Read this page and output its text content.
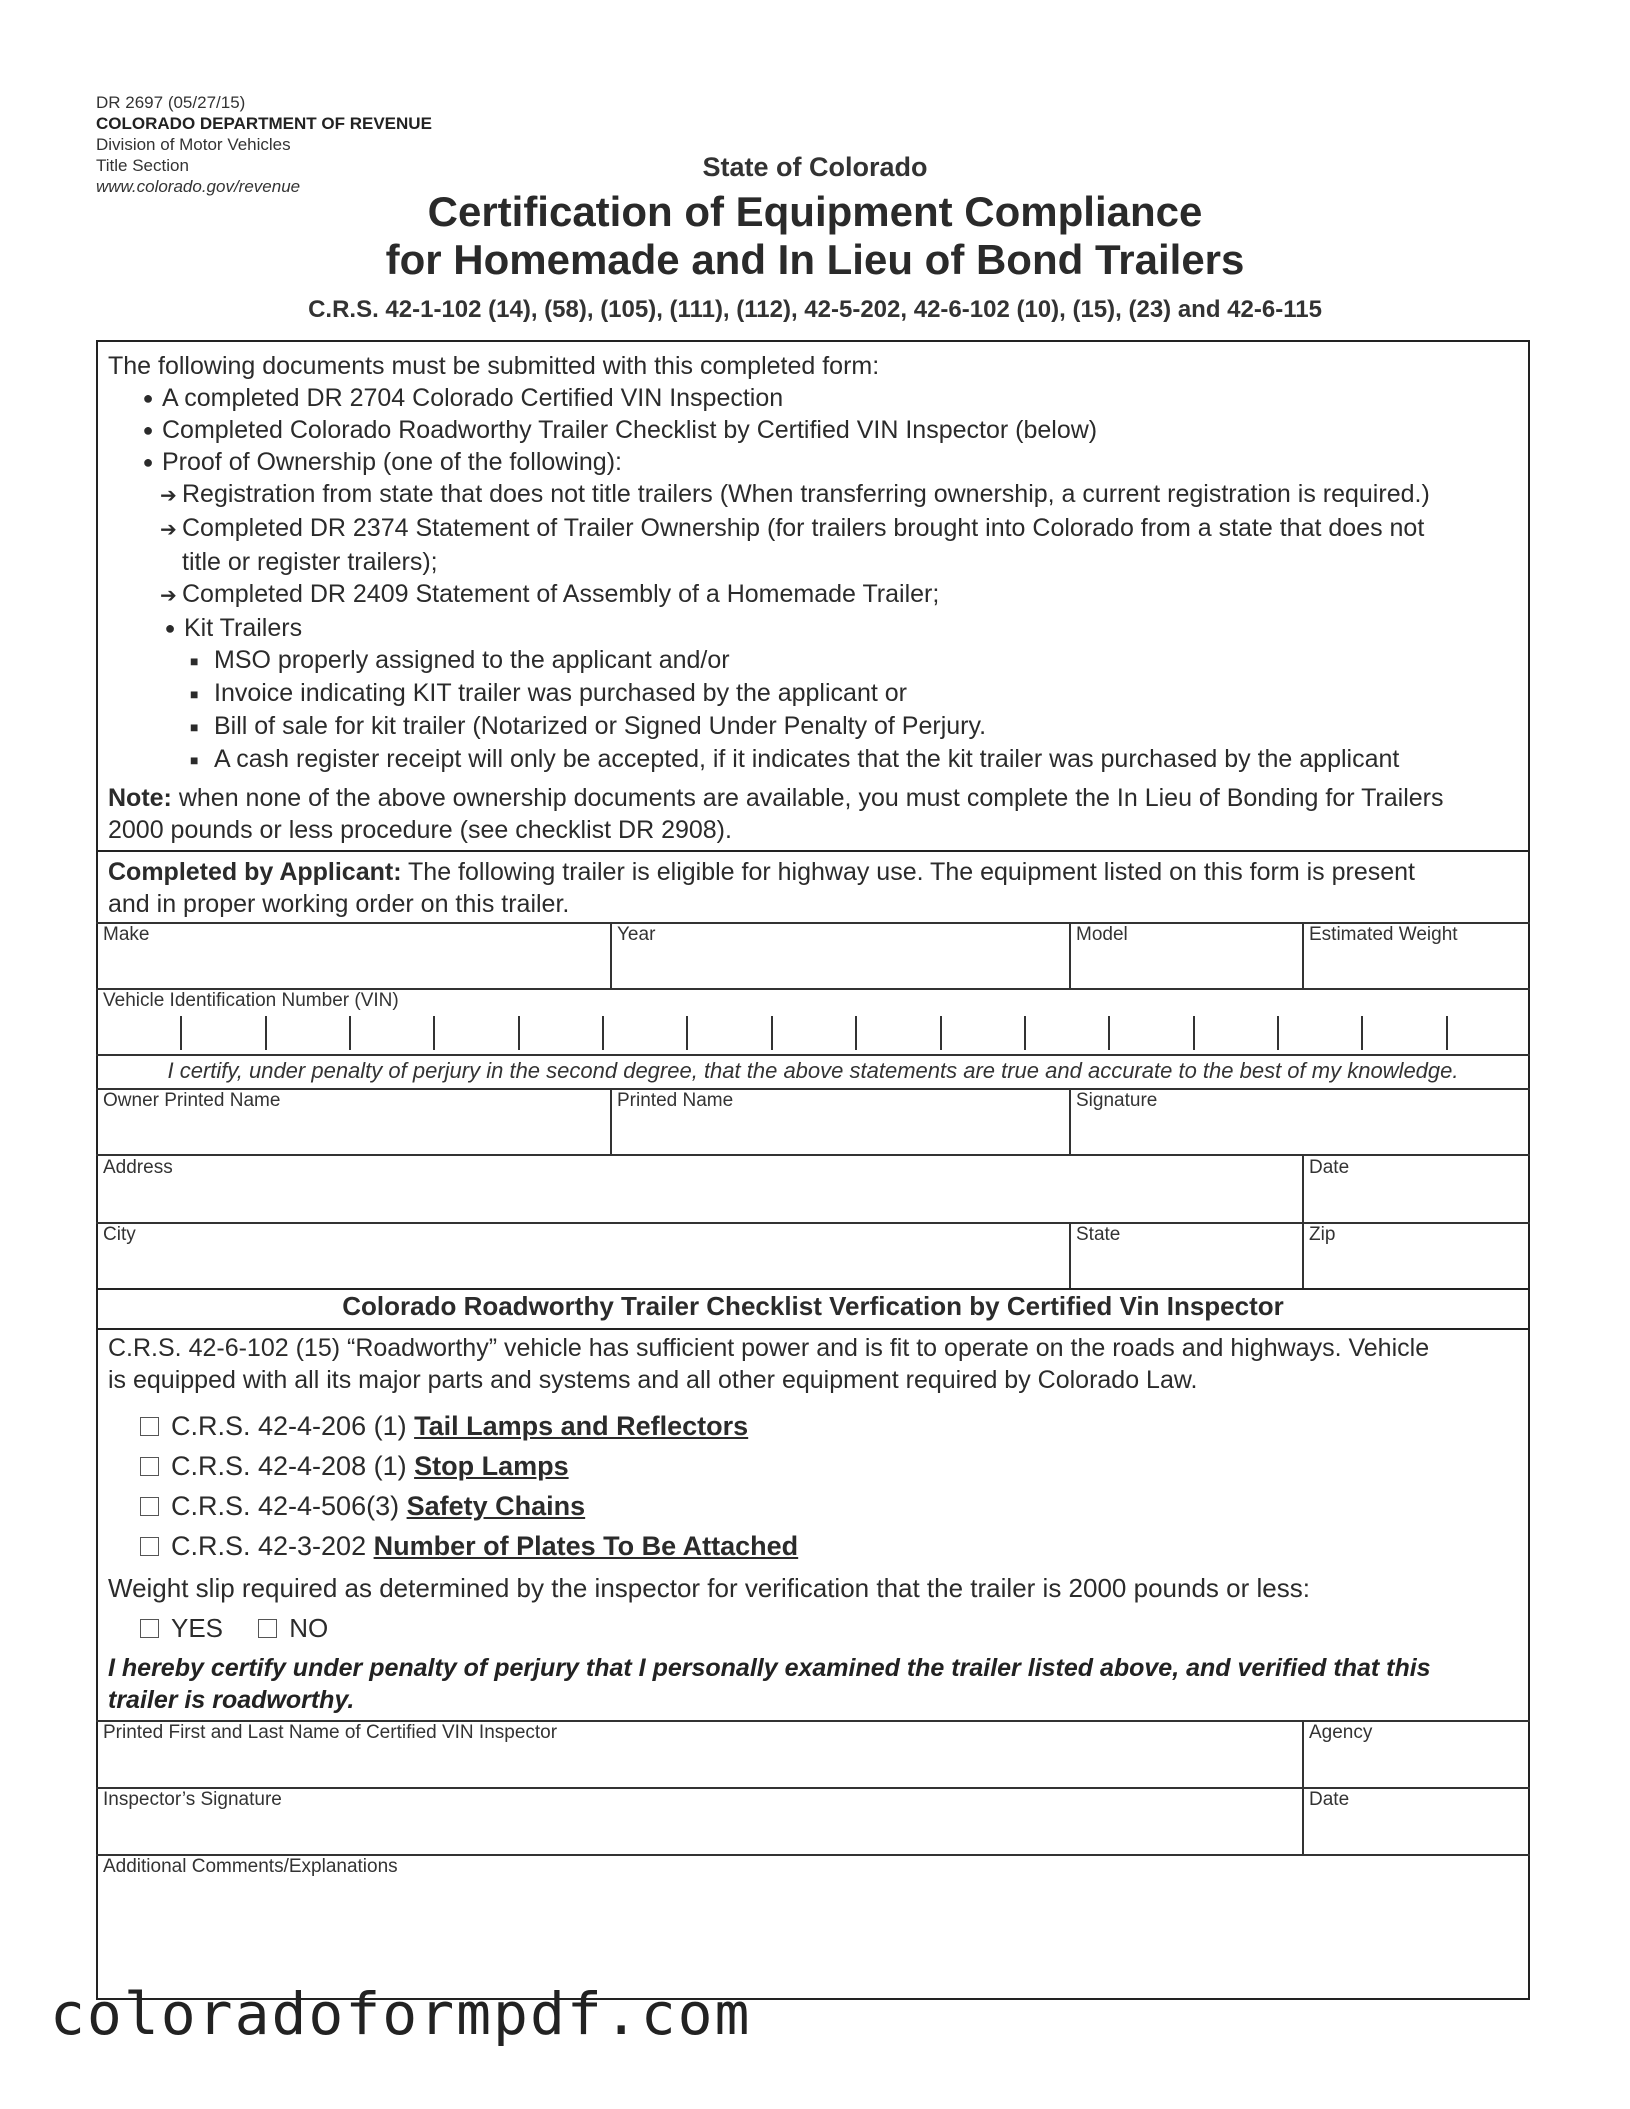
DR 2697 (05/27/15)
COLORADO DEPARTMENT OF REVENUE
Division of Motor Vehicles
Title Section
www.colorado.gov/revenue
State of Colorado
Certification of Equipment Compliance
for Homemade and In Lieu of Bond Trailers
C.R.S. 42-1-102 (14), (58), (105), (111), (112), 42-5-202, 42-6-102 (10), (15), (23) and 42-6-115
The following documents must be submitted with this completed form:
● A completed DR 2704 Colorado Certified VIN Inspection
● Completed Colorado Roadworthy Trailer Checklist by Certified VIN Inspector (below)
● Proof of Ownership (one of the following):
➔ Registration from state that does not title trailers (When transferring ownership, a current registration is required.)
➔ Completed DR 2374 Statement of Trailer Ownership (for trailers brought into Colorado from a state that does not
title or register trailers);
➔ Completed DR 2409 Statement of Assembly of a Homemade Trailer;
● Kit Trailers
■ MSO properly assigned to the applicant and/or
■ Invoice indicating KIT trailer was purchased by the applicant or
■ Bill of sale for kit trailer (Notarized or Signed Under Penalty of Perjury.
■ A cash register receipt will only be accepted, if it indicates that the kit trailer was purchased by the applicant
Note: when none of the above ownership documents are available, you must complete the In Lieu of Bonding for Trailers
2000 pounds or less procedure (see checklist DR 2908).
Completed by Applicant: The following trailer is eligible for highway use. The equipment listed on this form is present
and in proper working order on this trailer.
Make	Year	Model	Estimated Weight
Vehicle Identification Number (VIN)
I certify, under penalty of perjury in the second degree, that the above statements are true and accurate to the best of my knowledge.
Owner Printed Name	Printed Name	Signature
Address	Date
City	State	Zip
Colorado Roadworthy Trailer Checklist Verfication by Certified Vin Inspector
C.R.S. 42-6-102 (15) “Roadworthy” vehicle has sufficient power and is fit to operate on the roads and highways. Vehicle
is equipped with all its major parts and systems and all other equipment required by Colorado Law.
C.R.S. 42-4-206 (1) Tail Lamps and Reflectors
C.R.S. 42-4-208 (1) Stop Lamps
C.R.S. 42-4-506(3) Safety Chains
C.R.S. 42-3-202 Number of Plates To Be Attached
Weight slip required as determined by the inspector for verification that the trailer is 2000 pounds or less:
YES	NO
I hereby certify under penalty of perjury that I personally examined the trailer listed above, and verified that this
trailer is roadworthy.
Printed First and Last Name of Certified VIN Inspector	Agency
Inspector’s Signature	Date
Additional Comments/Explanations
coloradoformpdf.com
